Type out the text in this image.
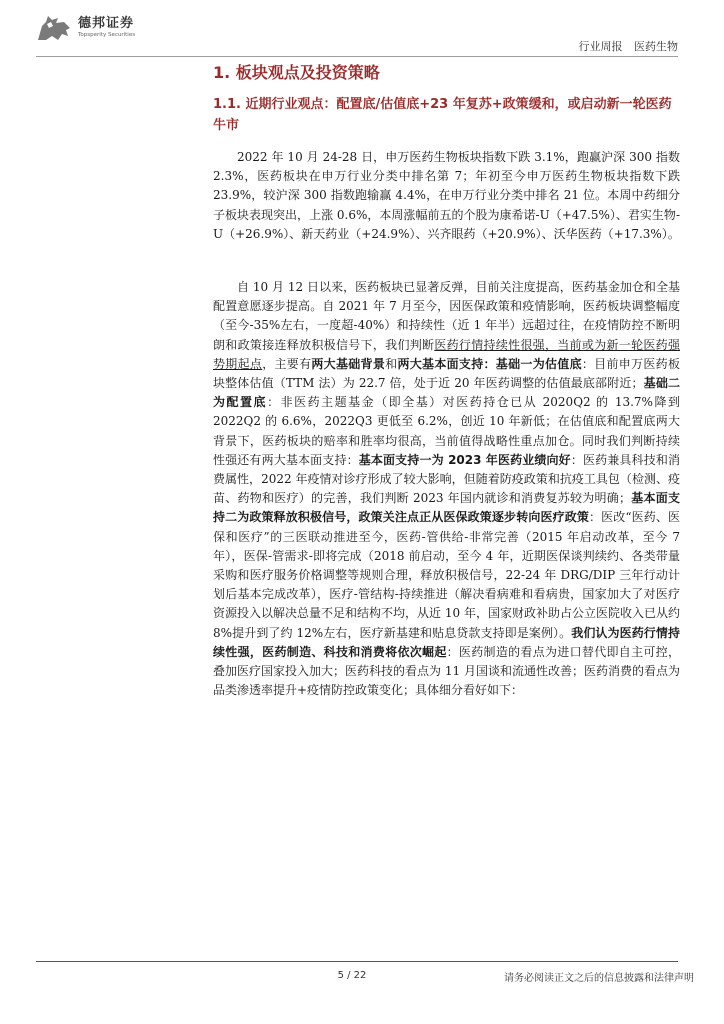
德邦证券
Topsperity Securities
行业周报 医药生物
1. 板块观点及投资策略
1.1. 近期行业观点：配置底/估值底+23 年复苏+政策缓和，或启动新一轮医药牛市
2022 年 10 月 24-28 日，申万医药生物板块指数下跌 3.1%，跑赢沪深 300 指数 2.3%，医药板块在申万行业分类中排名第 7；年初至今申万医药生物板块指数下跌 23.9%，较沪深 300 指数跑输赢 4.4%，在申万行业分类中排名 21 位。本周中药细分子板块表现突出，上涨 0.6%，本周涨幅前五的个股为康希诺-U（+47.5%）、君实生物-U（+26.9%）、新天药业（+24.9%）、兴齐眼药（+20.9%）、沃华医药（+17.3%）。
自 10 月 12 日以来，医药板块已显著反弹，目前关注度提高，医药基金加仓和全基配置意愿逐步提高。自 2021 年 7 月至今，因医保政策和疫情影响，医药板块调整幅度（至今-35%左右，一度超-40%）和持续性（近 1 年半）远超过往，在疫情防控不断明朗和政策接连释放积极信号下，我们判断医药行情持续性很强，当前或为新一轮医药强势期起点，主要有两大基础背景和两大基本面支持：基础一为估值底：目前申万医药板块整体估值（TTM 法）为 22.7 倍，处于近 20 年医药调整的估值最底部附近；基础二为配置底：非医药主题基金（即全基）对医药持仓已从 2020Q2 的 13.7%降到 2022Q2 的 6.6%，2022Q3 更低至 6.2%，创近 10 年新低；在估值底和配置底两大背景下，医药板块的赔率和胜率均很高，当前值得战略性重点加仓。同时我们判断持续性强还有两大基本面支持：基本面支持一为 2023 年医药业绩向好：医药兼具科技和消费属性，2022 年疫情对诊疗形成了较大影响，但随着防疫政策和抗疫工具包（检测、疫苗、药物和医疗）的完善，我们判断 2023 年国内就诊和消费复苏较为明确；基本面支持二为政策释放积极信号，政策关注点正从医保政策逐步转向医疗政策：医改“医药、医保和医疗”的三医联动推进至今，医药-管供给-非常完善（2015 年启动改革，至今 7 年），医保-管需求-即将完成（2018 前启动，至今 4 年，近期医保谈判续约、各类带量采购和医疗服务价格调整等规则合理，释放积极信号，22-24 年 DRG/DIP 三年行动计划后基本完成改革），医疗-管结构-持续推进（解决看病难和看病贵，国家加大了对医疗资源投入以解决总量不足和结构不均，从近 10 年，国家财政补助占公立医院收入已从约 8%提升到了约 12%左右，医疗新基建和贴息贷款支持即是案例）。我们认为医药行情持续性强，医药制造、科技和消费将依次崛起：医药制造的看点为进口替代即自主可控，叠加医疗国家投入加大；医药科技的看点为 11 月国谈和流通性改善；医药消费的看点为品类渗透率提升+疫情防控政策变化；具体细分看好如下：
5 / 22	请务必阅读正文之后的信息披露和法律声明
